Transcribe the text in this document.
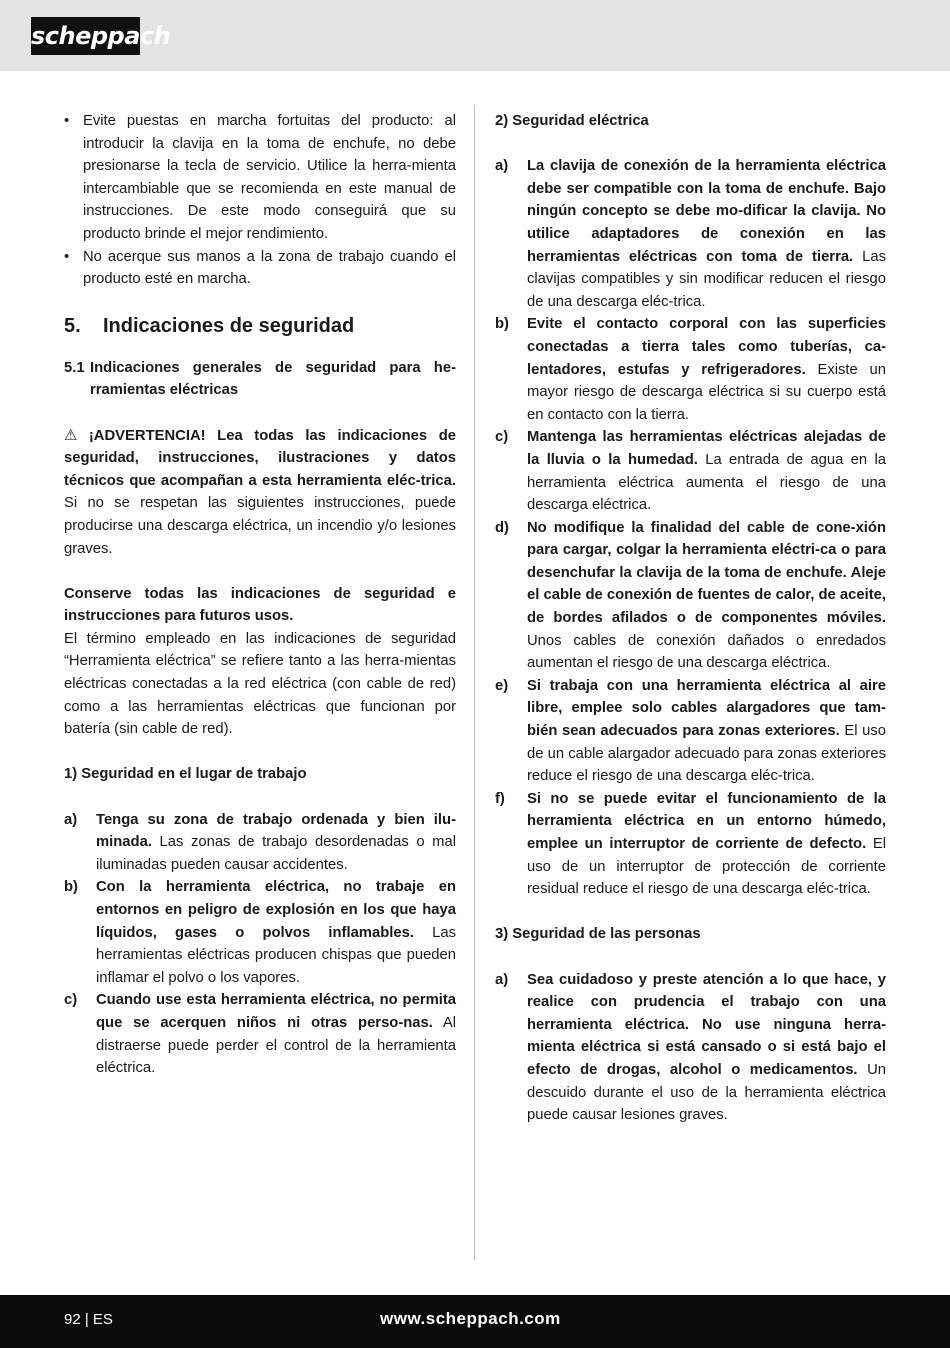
scheppach

• Evite puestas en marcha fortuitas del producto: al introducir la clavija en la toma de enchufe, no debe presionarse la tecla de servicio. Utilice la herra-mienta intercambiable que se recomienda en este manual de instrucciones. De este modo conseguirá que su producto brinde el mejor rendimiento.

• No acerque sus manos a la zona de trabajo cuando el producto esté en marcha.

5. Indicaciones de seguridad

5.1 Indicaciones generales de seguridad para he-rramientas eléctricas

⚠ ¡ADVERTENCIA! Lea todas las indicaciones de seguridad, instrucciones, ilustraciones y datos técnicos que acompañan a esta herramienta eléc-trica. Si no se respetan las siguientes instrucciones, puede producirse una descarga eléctrica, un incendio y/o lesiones graves.

Conserve todas las indicaciones de seguridad e instrucciones para futuros usos.

El término empleado en las indicaciones de seguridad “Herramienta eléctrica” se refiere tanto a las herra-mientas eléctricas conectadas a la red eléctrica (con cable de red) como a las herramientas eléctricas que funcionan por batería (sin cable de red).

1) Seguridad en el lugar de trabajo

a) Tenga su zona de trabajo ordenada y bien ilu-minada. Las zonas de trabajo desordenadas o mal iluminadas pueden causar accidentes.

b) Con la herramienta eléctrica, no trabaje en entornos en peligro de explosión en los que haya líquidos, gases o polvos inflamables. Las herramientas eléctricas producen chispas que pueden inflamar el polvo o los vapores.

c) Cuando use esta herramienta eléctrica, no permita que se acerquen niños ni otras perso-nas. Al distraerse puede perder el control de la herramienta eléctrica.

2) Seguridad eléctrica

a) La clavija de conexión de la herramienta eléctrica debe ser compatible con la toma de enchufe. Bajo ningún concepto se debe mo-dificar la clavija. No utilice adaptadores de conexión en las herramientas eléctricas con toma de tierra. Las clavijas compatibles y sin modificar reducen el riesgo de una descarga eléc-trica.

b) Evite el contacto corporal con las superficies conectadas a tierra tales como tuberías, ca-lentadores, estufas y refrigeradores. Existe un mayor riesgo de descarga eléctrica si su cuerpo está en contacto con la tierra.

c) Mantenga las herramientas eléctricas alejadas de la lluvia o la humedad. La entrada de agua en la herramienta eléctrica aumenta el riesgo de una descarga eléctrica.

d) No modifique la finalidad del cable de cone-xión para cargar, colgar la herramienta eléctri-ca o para desenchufar la clavija de la toma de enchufe. Aleje el cable de conexión de fuentes de calor, de aceite, de bordes afilados o de componentes móviles. Unos cables de conexión dañados o enredados aumentan el riesgo de una descarga eléctrica.

e) Si trabaja con una herramienta eléctrica al aire libre, emplee solo cables alargadores que tam-bién sean adecuados para zonas exteriores. El uso de un cable alargador adecuado para zonas exteriores reduce el riesgo de una descarga eléc-trica.

f) Si no se puede evitar el funcionamiento de la herramienta eléctrica en un entorno húmedo, emplee un interruptor de corriente de defecto. El uso de un interruptor de protección de corriente residual reduce el riesgo de una descarga eléc-trica.

3) Seguridad de las personas

a) Sea cuidadoso y preste atención a lo que hace, y realice con prudencia el trabajo con una herramienta eléctrica. No use ninguna herra-mienta eléctrica si está cansado o si está bajo el efecto de drogas, alcohol o medicamentos. Un descuido durante el uso de la herramienta eléctrica puede causar lesiones graves.

92 | ES	www.scheppach.com
